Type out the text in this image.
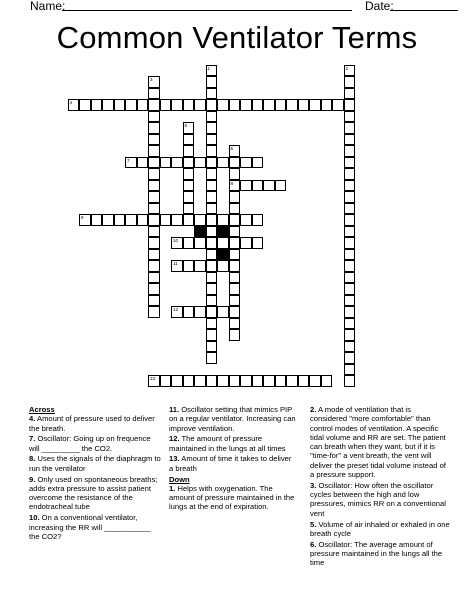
Name:	Date:
Common Ventilator Terms
4
7
8
9
10
11
12
13
1	2
3
5
6
Across
4. Amount of pressure used to deliver the breath.
7. Oscillator: Going up on frequence will _________ the CO2.
8. Uses the signals of the diaphragm to run the ventilator
9. Only used on spontaneous breaths; adds extra pressure to assist patient overcome the resistance of the endotracheal tube
10. On a conventional ventilator, increasing the RR will ___________ the CO2?
11. Oscillator setting that mimics PIP on a regular ventilator. Increasing can improve ventilation.
12. The amount of pressure maintained in the lungs at all times
13. Amount of time it takes to deliver a breath
Down
1. Helps with oxygenation. The amount of pressure maintained in the lungs at the end of expiration.
2. A mode of ventilation that is considered "more comfortable" than control modes of ventilation. A specific tidal volume and RR are set. The patient can breath when they want, but if it is "time-for" a vent breath, the vent will deliver the preset tidal volume instead of a pressure support.
3. Oscillator: How often the oscillator cycles between the high and low pressures, mimics RR on a conventional vent
5. Volume of air inhaled or exhaled in one breath cycle
6. Oscillator: The average amount of pressure maintained in the lungs all the time
